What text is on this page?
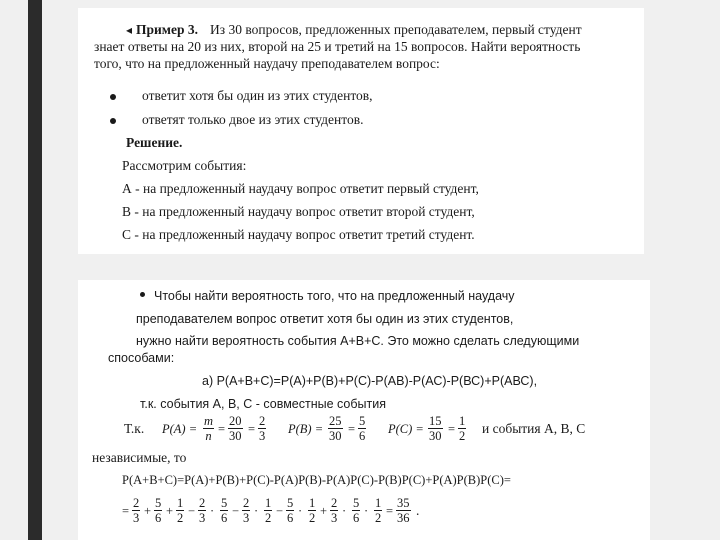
◂ Пример 3. Из 30 вопросов, предложенных преподавателем, первый студент
знает ответы на 20 из них, второй на 25 и третий на 15 вопросов. Найти вероятность
того, что на предложенный наудачу преподавателем вопрос:
ответит хотя бы один из этих студентов,
ответят только двое из этих студентов.
Решение.
Рассмотрим события:
А - на предложенный наудачу вопрос ответит первый студент,
В - на предложенный наудачу вопрос ответит второй студент,
С - на предложенный наудачу вопрос ответит третий студент.
Чтобы найти вероятность того, что на предложенный наудачу
преподавателем вопрос ответит хотя бы один из этих студентов,
нужно найти вероятность события А+В+С. Это можно сделать следующими
способами:
а) Р(А+В+С)=Р(А)+Р(В)+Р(С)-Р(АВ)-Р(АС)-Р(ВС)+Р(АВС),
т.к. события А, В, С - совместные события
Т.к. $P(A) = \frac{m}{n} = \frac{20}{30} = \frac{2}{3} P(B) = \frac{25}{30} = \frac{5}{6} P(C) = \frac{15}{30} = \frac{1}{2}$ и события А, В, С
независимые, то
P(A+B+C)=P(A)+P(B)+P(C)-P(A)P(B)-P(A)P(C)-P(B)P(C)+P(A)P(B)P(C)=
= $\frac{2}{3} + \frac{5}{6} + \frac{1}{2} - \frac{2}{3} \cdot \frac{5}{6} - \frac{2}{3} \cdot \frac{1}{2} - \frac{5}{6} \cdot \frac{1}{2} + \frac{2}{3} \cdot \frac{5}{6} \cdot \frac{1}{2} = \frac{35}{36}$ .
